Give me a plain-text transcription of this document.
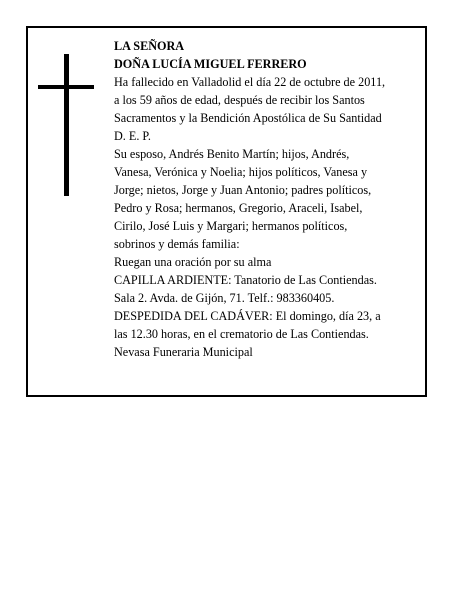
LA SEÑORA
DOÑA LUCÍA MIGUEL FERRERO
Ha fallecido en Valladolid el día 22 de octubre de 2011,
a los 59 años de edad, después de recibir los Santos
Sacramentos y la Bendición Apostólica de Su Santidad
D. E. P.
Su esposo, Andrés Benito Martín; hijos, Andrés,
Vanesa, Verónica y Noelia; hijos políticos, Vanesa y
Jorge; nietos, Jorge y Juan Antonio; padres políticos,
Pedro y Rosa; hermanos, Gregorio, Araceli, Isabel,
Cirilo, José Luis y Margari; hermanos políticos,
sobrinos y demás familia:
Ruegan una oración por su alma
CAPILLA ARDIENTE: Tanatorio de Las Contiendas.
Sala 2. Avda. de Gijón, 71. Telf.: 983360405.
DESPEDIDA DEL CADÁVER: El domingo, día 23, a
las 12.30 horas, en el crematorio de Las Contiendas.
Nevasa Funeraria Municipal
